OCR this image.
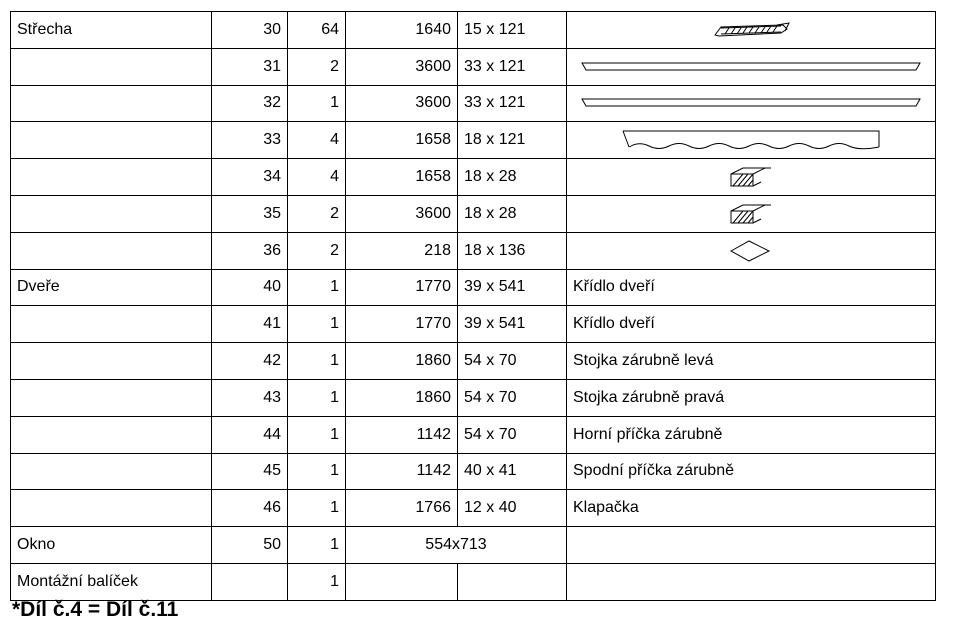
Střecha	30	64	1640	15 x 121	

	31	2	3600	33 x 121	

	32	1	3600	33 x 121	

	33	4	1658	18 x 121	

	34	4	1658	18 x 28	

	35	2	3600	18 x 28	

	36	2	218	18 x 136	

Dveře	40	1	1770	39 x 541	Křídlo dveří
	41	1	1770	39 x 541	Křídlo dveří
	42	1	1860	54 x 70	Stojka zárubně levá
	43	1	1860	54 x 70	Stojka zárubně pravá
	44	1	1142	54 x 70	Horní příčka zárubně
	45	1	1142	40 x 41	Spodní příčka zárubně
	46	1	1766	12 x 40	Klapačka
Okno	50	1	554x713		
Montážní balíček		1			
*Díl č.4 = Díl č.11
